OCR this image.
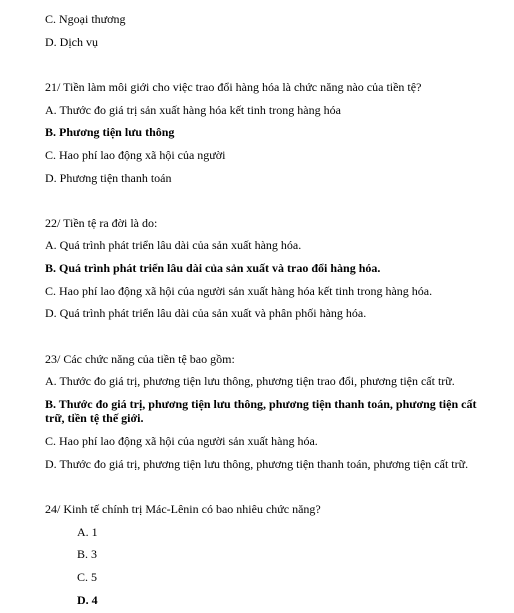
C. Ngoại thương
D. Dịch vụ
21/ Tiền làm môi giới cho việc trao đổi hàng hóa là chức năng nào của tiền tệ?
A. Thước đo giá trị sản xuất hàng hóa kết tinh trong hàng hóa
B. Phương tiện lưu thông
C. Hao phí lao động xã hội của người
D. Phương tiện thanh toán
22/ Tiền tệ ra đời là do:
A. Quá trình phát triển lâu dài của sản xuất hàng hóa.
B. Quá trình phát triển lâu dài của sản xuất và trao đổi hàng hóa.
C. Hao phí lao động xã hội của người sản xuất hàng hóa kết tinh trong hàng hóa.
D. Quá trình phát triển lâu dài của sản xuất và phân phối hàng hóa.
23/ Các chức năng của tiền tệ bao gồm:
A. Thước đo giá trị, phương tiện lưu thông, phương tiện trao đổi, phương tiện cất trữ.
B. Thước đo giá trị, phương tiện lưu thông, phương tiện thanh toán, phương tiện cất trữ, tiền tệ thế giới.
C. Hao phí lao động xã hội của người sản xuất hàng hóa.
D. Thước đo giá trị, phương tiện lưu thông, phương tiện thanh toán, phương tiện cất trữ.
24/ Kinh tế chính trị Mác-Lênin có bao nhiêu chức năng?
A. 1
B. 3
C. 5
D. 4
